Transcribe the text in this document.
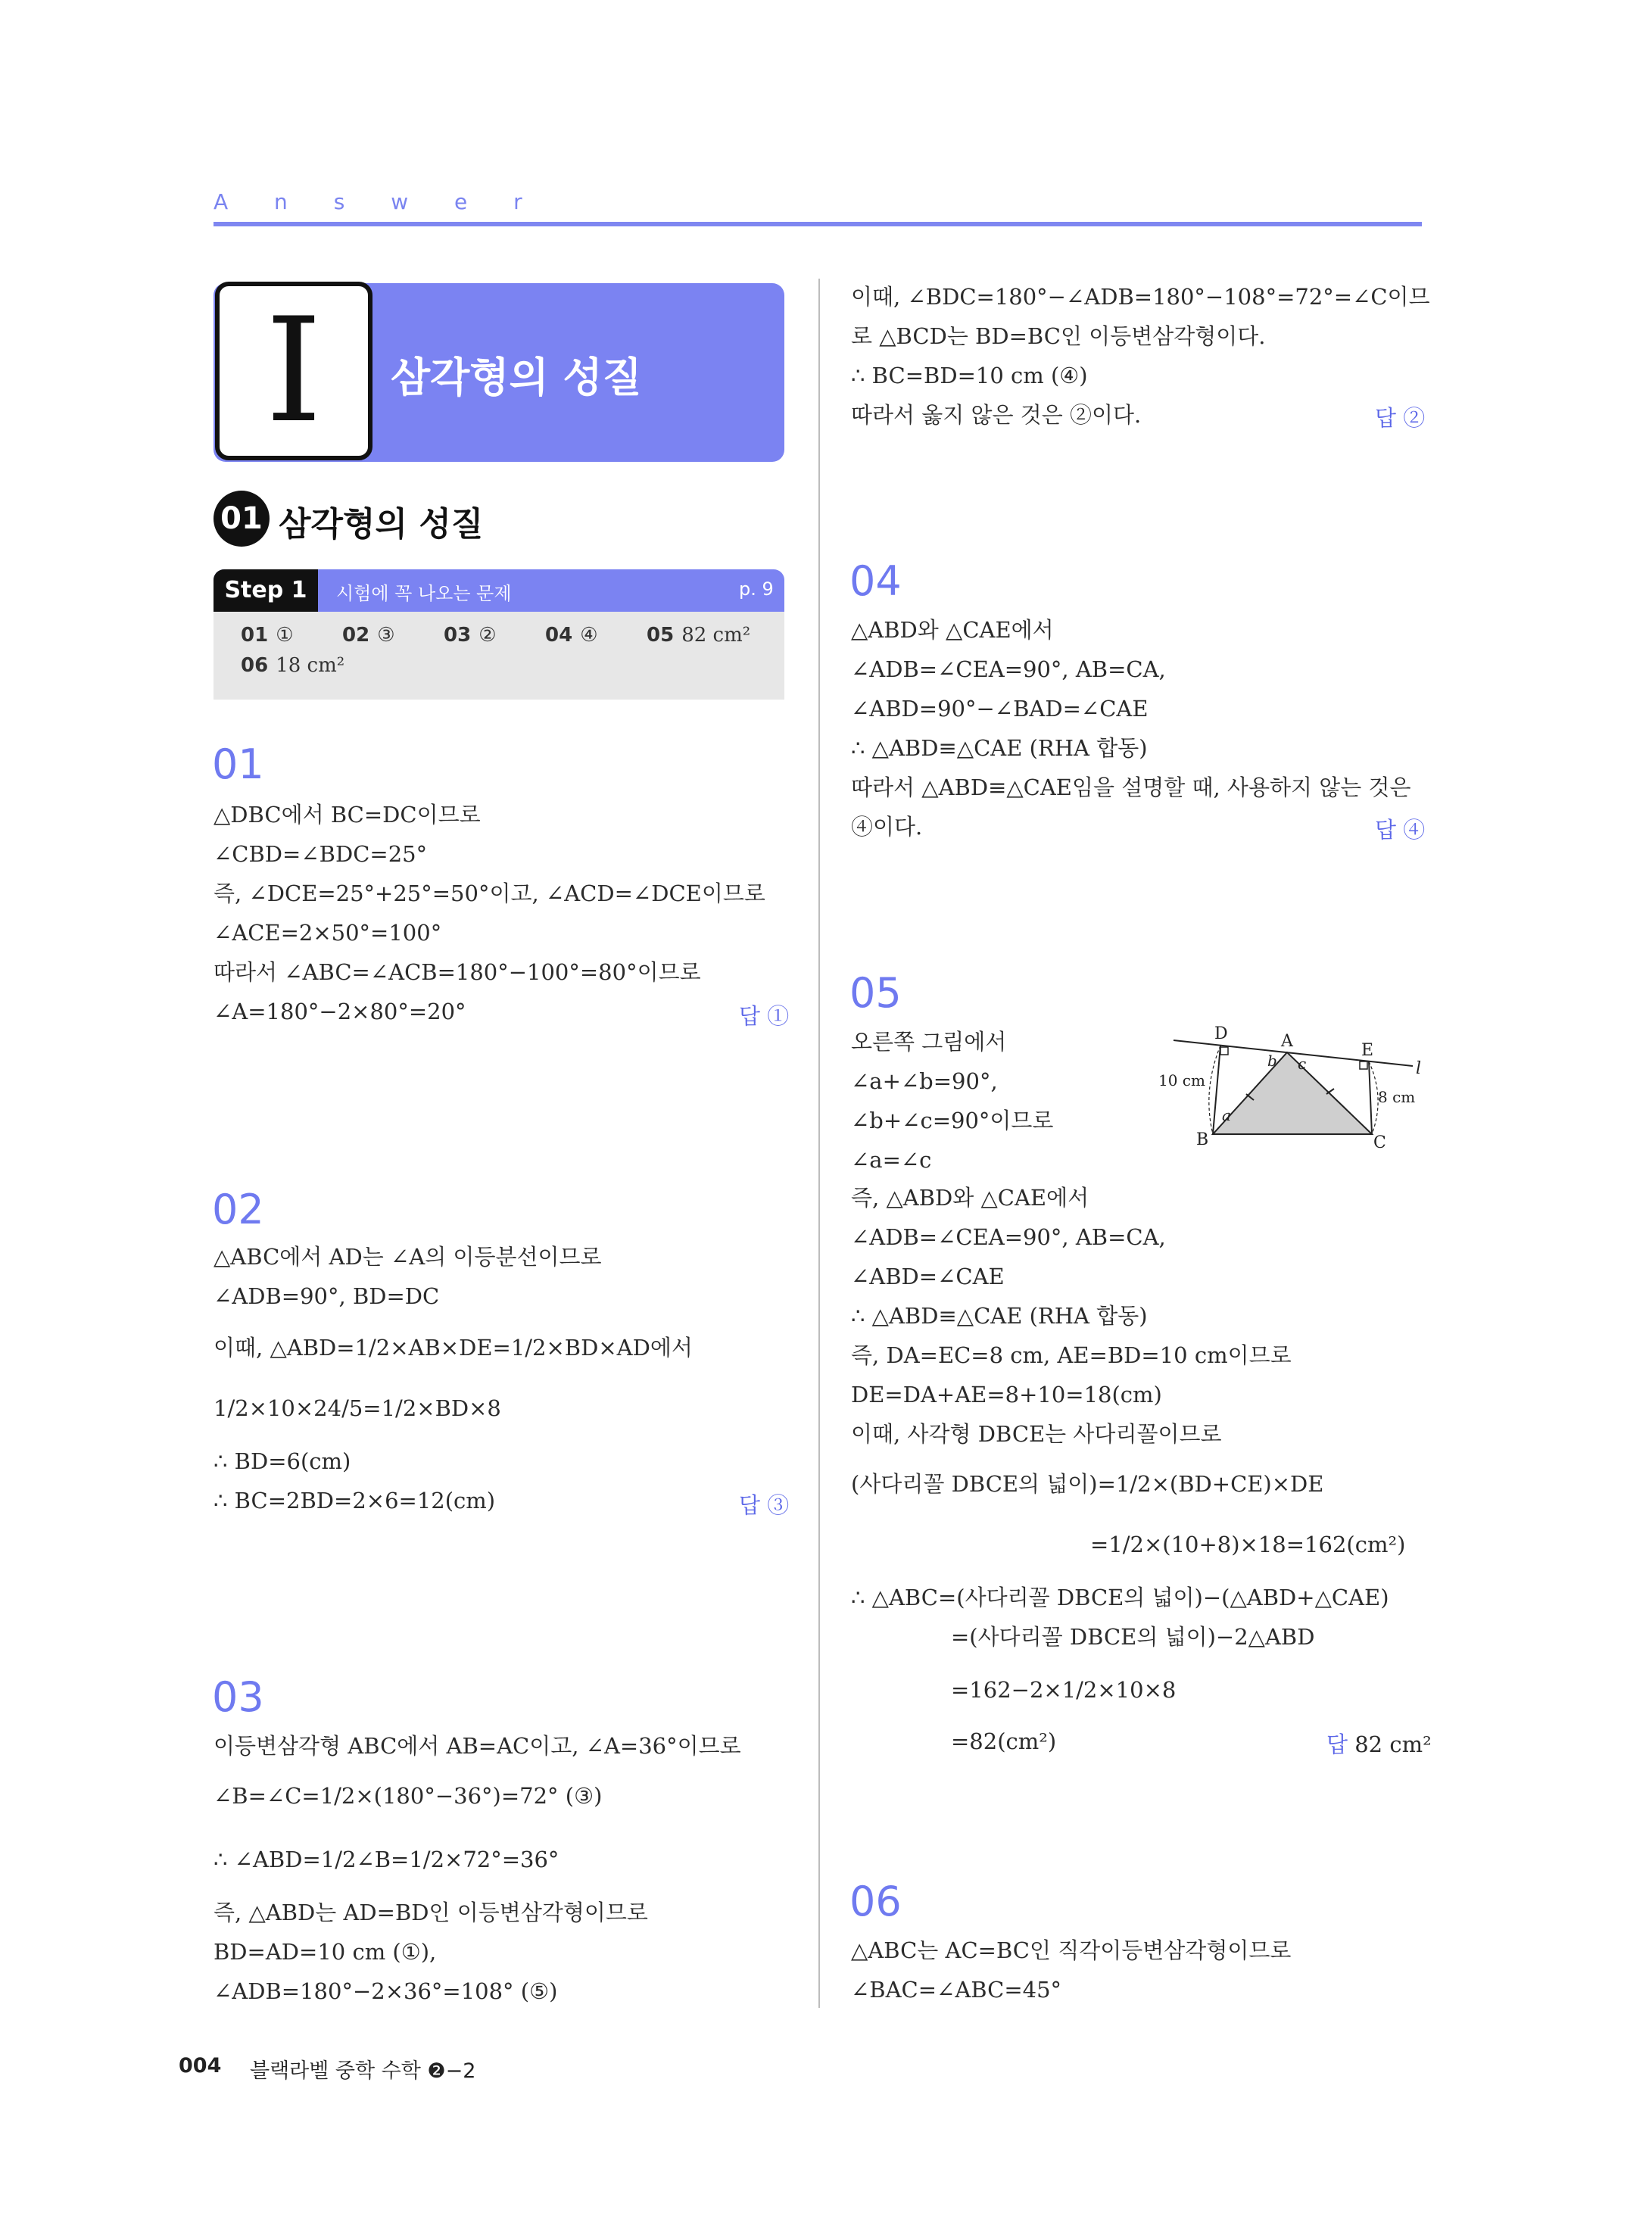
A n s w e r
I	삼각형의 성질
01 삼각형의 성질
Step 1	시험에 꼭 나오는 문제	p. 9
01 ① 02 ③ 03 ② 04 ④ 05 82 cm²
06 18 cm²
01
△DBC에서 BC=DC이므로
∠CBD=∠BDC=25°
즉, ∠DCE=25°+25°=50°이고, ∠ACD=∠DCE이므로
∠ACE=2×50°=100°
따라서 ∠ABC=∠ACB=180°−100°=80°이므로
∠A=180°−2×80°=20°	답 ①
02
△ABC에서 AD는 ∠A의 이등분선이므로
∠ADB=90°, BD=DC
이때, △ABD=1/2×AB×DE=1/2×BD×AD에서
1/2×10×24/5=1/2×BD×8
∴ BD=6(cm)
∴ BC=2BD=2×6=12(cm)	답 ③
03
이등변삼각형 ABC에서 AB=AC이고, ∠A=36°이므로
∠B=∠C=1/2×(180°−36°)=72° (③)
∴ ∠ABD=1/2∠B=1/2×72°=36°
즉, △ABD는 AD=BD인 이등변삼각형이므로
BD=AD=10 cm (①),
∠ADB=180°−2×36°=108° (⑤)
이때, ∠BDC=180°−∠ADB=180°−108°=72°=∠C이므
로 △BCD는 BD=BC인 이등변삼각형이다.
∴ BC=BD=10 cm (④)
따라서 옳지 않은 것은 ②이다.	답 ②
04
△ABD와 △CAE에서
∠ADB=∠CEA=90°, AB=CA,
∠ABD=90°−∠BAD=∠CAE
∴ △ABD≡△CAE (RHA 합동)
따라서 △ABD≡△CAE임을 설명할 때, 사용하지 않는 것은
④이다.	답 ④
05
오른쪽 그림에서
∠a+∠b=90°,
∠b+∠c=90°이므로
∠a=∠c
즉, △ABD와 △CAE에서
∠ADB=∠CEA=90°, AB=CA,
∠ABD=∠CAE
∴ △ABD≡△CAE (RHA 합동)
즉, DA=EC=8 cm, AE=BD=10 cm이므로
DE=DA+AE=8+10=18(cm)
이때, 사각형 DBCE는 사다리꼴이므로
(사다리꼴 DBCE의 넓이)=1/2×(BD+CE)×DE
=1/2×(10+8)×18=162(cm²)
∴ △ABC=(사다리꼴 DBCE의 넓이)−(△ABD+△CAE)
=(사다리꼴 DBCE의 넓이)−2△ABD
=162−2×1/2×10×8
=82(cm²)	답 82 cm²
D	A	E
B	C
l
a
b c
10 cm
8 cm
06
△ABC는 AC=BC인 직각이등변삼각형이므로
∠BAC=∠ABC=45°
004 블랙라벨 중학 수학 ❷−2
